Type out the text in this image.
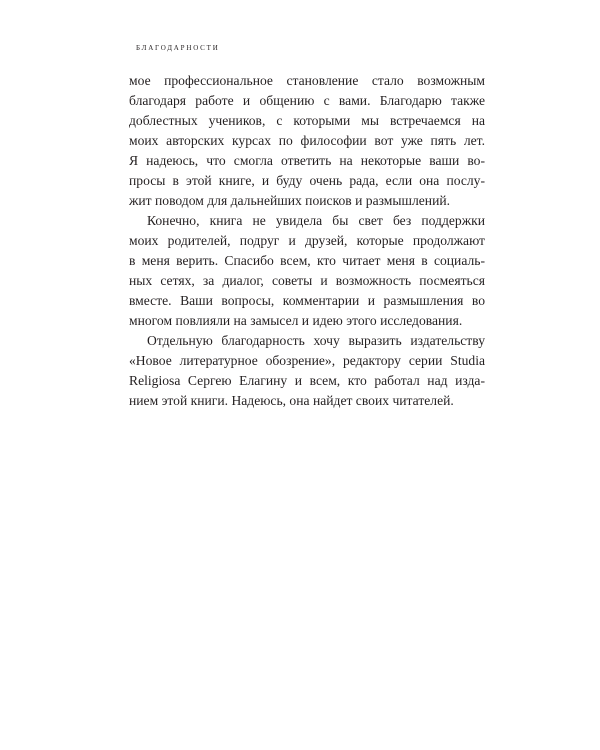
БЛАГОДАРНОСТИ

мое профессиональное становление стало возможным
благодаря работе и общению с вами. Благодарю также
доблестных учеников, с которыми мы встречаемся на
моих авторских курсах по философии вот уже пять лет.
Я надеюсь, что смогла ответить на некоторые ваши во-
просы в этой книге, и буду очень рада, если она послу-
жит поводом для дальнейших поисков и размышлений.

Конечно, книга не увидела бы свет без поддержки
моих родителей, подруг и друзей, которые продолжают
в меня верить. Спасибо всем, кто читает меня в социаль-
ных сетях, за диалог, советы и возможность посмеяться
вместе. Ваши вопросы, комментарии и размышления во
многом повлияли на замысел и идею этого исследования.

Отдельную благодарность хочу выразить издательству
«Новое литературное обозрение», редактору серии Studia
Religiosa Сергею Елагину и всем, кто работал над изда-
нием этой книги. Надеюсь, она найдет своих читателей.
